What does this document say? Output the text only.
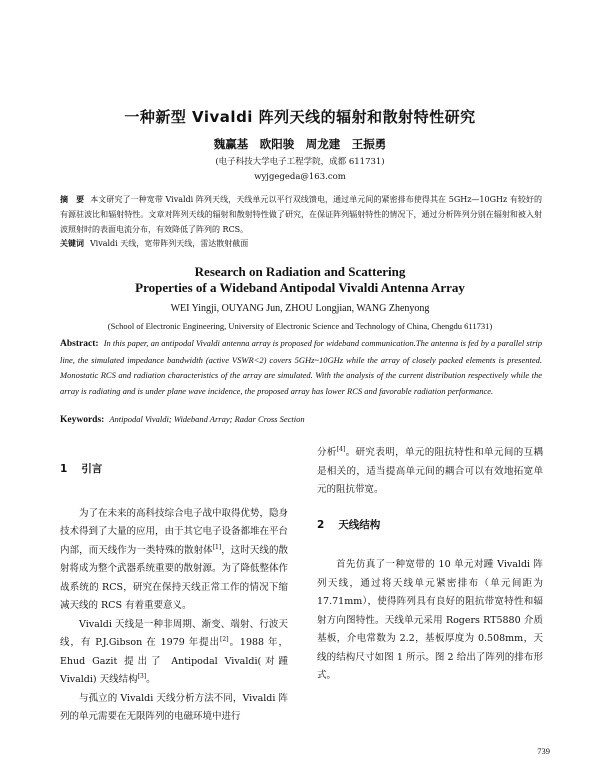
一种新型 Vivaldi 阵列天线的辐射和散射特性研究
魏赢基　欧阳骏　周龙建　王振勇
(电子科技大学电子工程学院，成都 611731)
wyjgegeda@163.com
摘　要 本文研究了一种宽带 Vivaldi 阵列天线，天线单元以平行双线馈电，通过单元间的紧密排布使得其在 5GHz—10GHz 有较好的有源驻波比和辐射特性。文章对阵列天线的辐射和散射特性做了研究，在保证阵列辐射特性的情况下，通过分析阵列分别在辐射和被入射波照射时的表面电流分布，有效降低了阵列的 RCS。
关键词 Vivaldi 天线，宽带阵列天线，雷达散射截面
Research on Radiation and Scattering
Properties of a Wideband Antipodal Vivaldi Antenna Array
WEI Yingji, OUYANG Jun, ZHOU Longjian, WANG Zhenyong
(School of Electronic Engineering, University of Electronic Science and Technology of China, Chengdu 611731)
Abstract: In this paper, an antipodal Vivaldi antenna array is proposed for wideband communication.The antenna is fed by a parallel strip line, the simulated impedance bandwidth (active VSWR<2) covers 5GHz~10GHz while the array of closely packed elements is presented. Monostatic RCS and radiation characteristics of the array are simulated. With the analysis of the current distribution respectively while the array is radiating and is under plane wave incidence, the proposed array has lower RCS and favorable radiation performance.
Keywords: Antipodal Vivaldi; Wideband Array; Radar Cross Section
1 引言

为了在未来的高科技综合电子战中取得优势，隐身技术得到了大量的应用，由于其它电子设备都堆在平台内部，而天线作为一类特殊的散射体[1]，这时天线的散射将成为整个武器系统重要的散射源。为了降低整体作战系统的 RCS，研究在保持天线正常工作的情况下缩减天线的 RCS 有着重要意义。

Vivaldi 天线是一种非周期、渐变、端射、行波天线，有 P.J.Gibson 在 1979 年提出[2]。1988 年，Ehud Gazit 提出了 Antipodal Vivaldi(对踵 Vivaldi) 天线结构[3]。

与孤立的 Vivaldi 天线分析方法不同，Vivaldi 阵列的单元需要在无限阵列的电磁环境中进行

分析[4]。研究表明，单元的阻抗特性和单元间的互耦是相关的，适当提高单元间的耦合可以有效地拓宽单元的阻抗带宽。

2 天线结构

首先仿真了一种宽带的 10 单元对踵 Vivaldi 阵列天线，通过将天线单元紧密排布（单元间距为 17.71mm），使得阵列具有良好的阻抗带宽特性和辐射方向图特性。天线单元采用 Rogers RT5880 介质基板，介电常数为 2.2，基板厚度为 0.508mm，天线的结构尺寸如图 1 所示。图 2 给出了阵列的排布形式。

739
